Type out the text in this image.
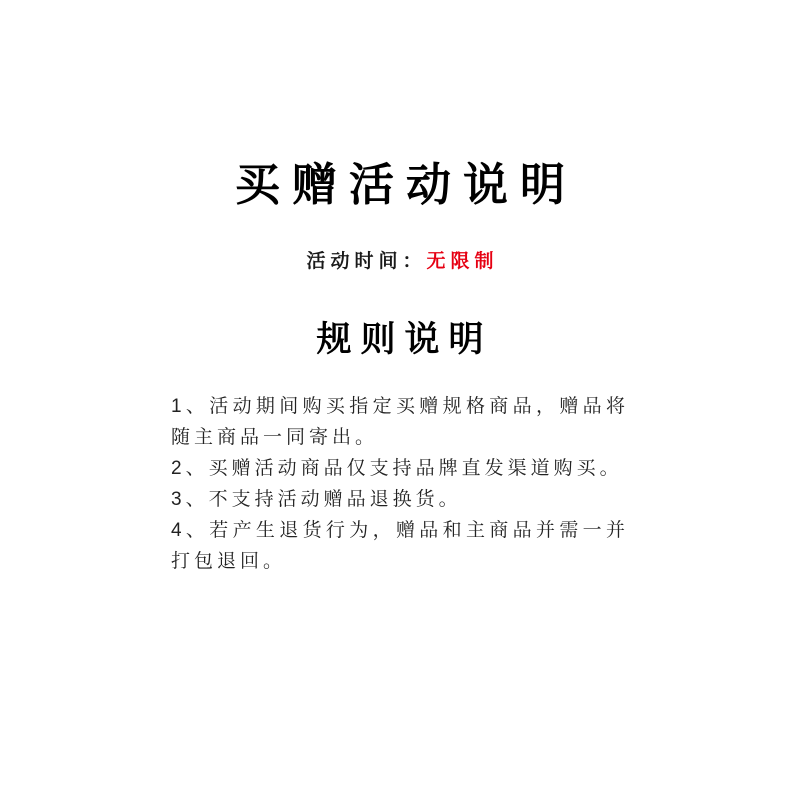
买赠活动说明

活动时间：无限制

规则说明

1、活动期间购买指定买赠规格商品，赠品将随主商品一同寄出。

2、买赠活动商品仅支持品牌直发渠道购买。

3、不支持活动赠品退换货。

4、若产生退货行为，赠品和主商品并需一并打包退回。
